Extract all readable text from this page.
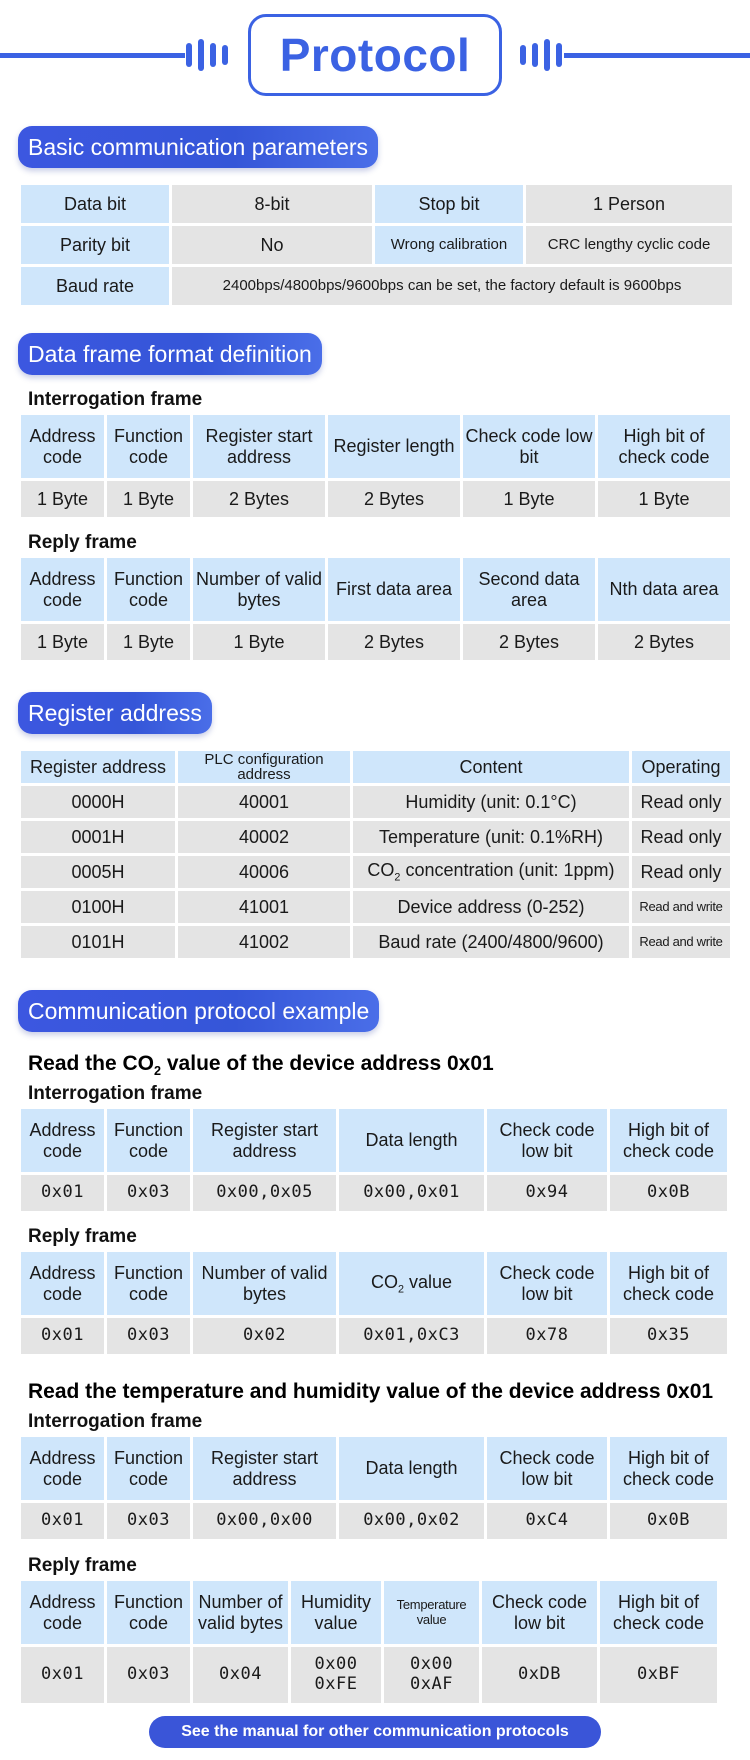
Protocol
Basic communication parameters
Data bit	8-bit	Stop bit	1 Person
Parity bit	No	Wrong calibration	CRC lengthy cyclic code
Baud rate	2400bps/4800bps/9600bps can be set, the factory default is 9600bps		
Data frame format definition
Interrogation frame
Address code	Function code	Register start address	Register length	Check code low bit	High bit of check code
1 Byte	1 Byte	2 Bytes	2 Bytes	1 Byte	1 Byte
Reply frame
Address code	Function code	Number of valid bytes	First data area	Second data area	Nth data area
1 Byte	1 Byte	1 Byte	2 Bytes	2 Bytes	2 Bytes
Register address
Register address	PLC configuration address	Content	Operating
0000H	40001	Humidity (unit: 0.1°C)	Read only
0001H	40002	Temperature (unit: 0.1%RH)	Read only
0005H	40006	$CO_2$ concentration (unit: 1ppm)	Read only
0100H	41001	Device address (0-252)	Read and write
0101H	41002	Baud rate (2400/4800/9600)	Read and write
Communication protocol example
Read the $CO_2$ value of the device address 0x01
Interrogation frame
Address code	Function code	Register start address	Data length	Check code low bit	High bit of check code
0x01	0x03	0x00,0x05	0x00,0x01	0x94	0x0B
Reply frame
Address code	Function code	Number of valid bytes	$CO_2$ value	Check code low bit	High bit of check code
0x01	0x03	0x02	0x01,0xC3	0x78	0x35
Read the temperature and humidity value of the device address 0x01
Interrogation frame
Address code	Function code	Register start address	Data length	Check code low bit	High bit of check code
0x01	0x03	0x00,0x00	0x00,0x02	0xC4	0x0B
Reply frame
Address code	Function code	Number of valid bytes	Humidity value	Temperature value	Check code low bit	High bit of check code
0x01	0x03	0x04	0x00 0xFE	0x00 0xAF	0xDB	0xBF
See the manual for other communication protocols
